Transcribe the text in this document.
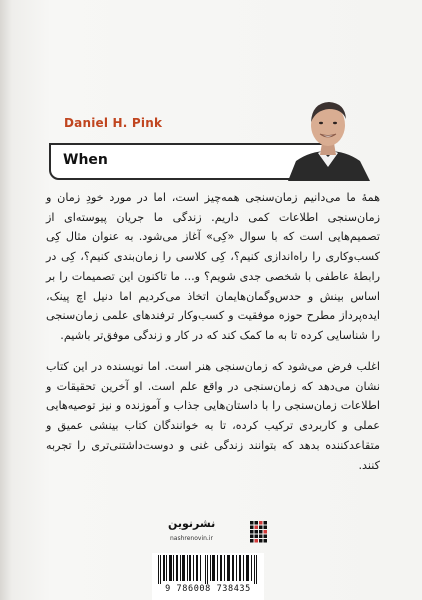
Daniel H. Pink
When
همهٔ ما می‌دانیم زمان‌سنجی همه‌چیز است، اما در مورد خودِ زمان و زمان‌سنجی اطلاعات کمی داریم. زندگی ما جریان پیوسته‌ای از تصمیم‌هایی است که با سوال «کِی» آغاز می‌شود. به عنوان مثال کِی کسب‌وکاری را راه‌اندازی کنیم؟، کِی کلاسی را زمان‌بندی کنیم؟، کِی در رابطهٔ عاطفی با شخصی جدی شویم؟ و... ما تاکنون این تصمیمات را بر اساس بینش و حدس‌وگمان‌هایمان اتخاذ می‌کردیم اما دنیل اچ پینک، ایده‌پرداز مطرح حوزه موفقیت و کسب‌وکار ترفندهای علمی زمان‌سنجی را شناسایی کرده تا به ما کمک کند که در کار و زندگی موفق‌تر باشیم.
اغلب فرض می‌شود که زمان‌سنجی هنر است. اما نویسنده در این کتاب نشان می‌دهد که زمان‌سنجی در واقع علم است. او آخرین تحقیقات و اطلاعات زمان‌سنجی را با داستان‌هایی جذاب و آموزنده و نیز توصیه‌هایی عملی و کاربردی ترکیب کرده، تا به خوانندگان کتاب بینشی عمیق و متقاعدکننده بدهد که بتوانند زندگی غنی و دوست‌داشتنی‌تری را تجربه کنند.
نشرنوین
nashrenovin.ir
9 786008 738435
